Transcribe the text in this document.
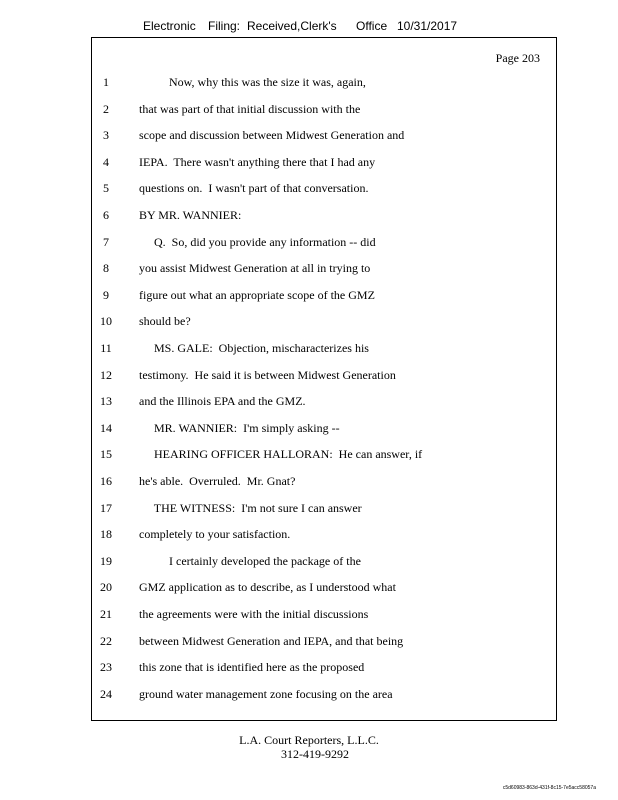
Electronic Filing: Received,Clerk's Office 10/31/2017
Page 203
1	Now, why this was the size it was, again,
2	that was part of that initial discussion with the
3	scope and discussion between Midwest Generation and
4	IEPA.  There wasn't anything there that I had any
5	questions on.  I wasn't part of that conversation.
6	BY MR. WANNIER:
7	Q.  So, did you provide any information -- did
8	you assist Midwest Generation at all in trying to
9	figure out what an appropriate scope of the GMZ
10	should be?
11	MS. GALE:  Objection, mischaracterizes his
12	testimony.  He said it is between Midwest Generation
13	and the Illinois EPA and the GMZ.
14	MR. WANNIER:  I'm simply asking --
15	HEARING OFFICER HALLORAN:  He can answer, if
16	he's able.  Overruled.  Mr. Gnat?
17	THE WITNESS:  I'm not sure I can answer
18	completely to your satisfaction.
19	I certainly developed the package of the
20	GMZ application as to describe, as I understood what
21	the agreements were with the initial discussions
22	between Midwest Generation and IEPA, and that being
23	this zone that is identified here as the proposed
24	ground water management zone focusing on the area
L.A. Court Reporters, L.L.C.
312-419-9292
c5d60983-863d-431f-8c15-7e5acc58057a
